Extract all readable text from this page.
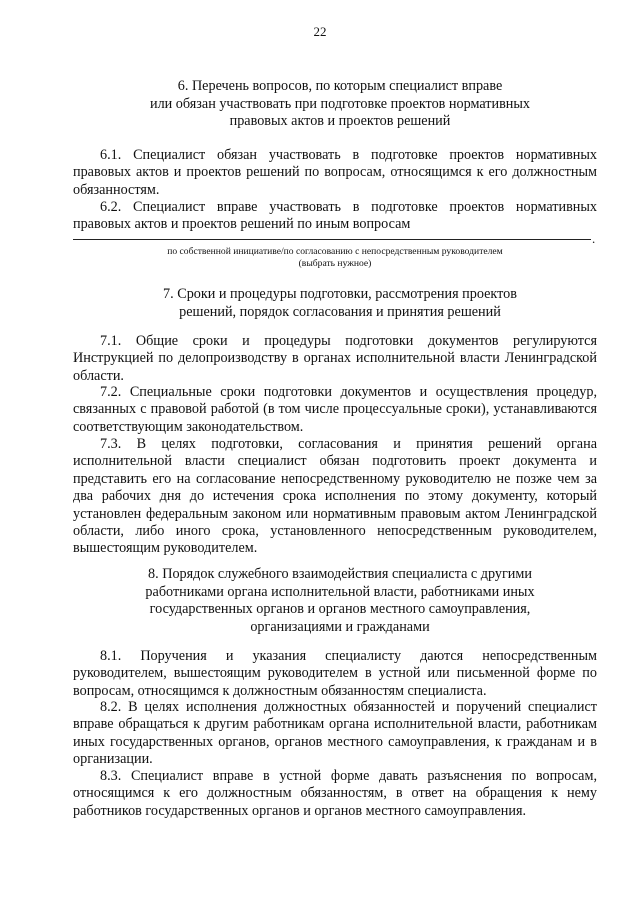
22
6. Перечень вопросов, по которым специалист вправе
или обязан участвовать при подготовке проектов нормативных
правовых актов и проектов решений

6.1. Специалист обязан участвовать в подготовке проектов нормативных правовых актов и проектов решений по вопросам, относящимся к его должностным обязанностям.

6.2. Специалист вправе участвовать в подготовке проектов нормативных правовых актов и проектов решений по иным вопросам

.
по собственной инициативе/по согласованию с непосредственным руководителем
(выбрать нужное)
7. Сроки и процедуры подготовки, рассмотрения проектов
решений, порядок согласования и принятия решений

7.1. Общие сроки и процедуры подготовки документов регулируются Инструкцией по делопроизводству в органах исполнительной власти Ленинградской области.

7.2. Специальные сроки подготовки документов и осуществления процедур, связанных с правовой работой (в том числе процессуальные сроки), устанавливаются соответствующим законодательством.

7.3. В целях подготовки, согласования и принятия решений органа исполнительной власти специалист обязан подготовить проект документа и представить его на согласование непосредственному руководителю не позже чем за два рабочих дня до истечения срока исполнения по этому документу, который установлен федеральным законом или нормативным правовым актом Ленинградской области, либо иного срока, установленного непосредственным руководителем, вышестоящим руководителем.

8. Порядок служебного взаимодействия специалиста с другими
работниками органа исполнительной власти, работниками иных
государственных органов и органов местного самоуправления,
организациями и гражданами

8.1. Поручения и указания специалисту даются непосредственным руководителем, вышестоящим руководителем в устной или письменной форме по вопросам, относящимся к должностным обязанностям специалиста.

8.2. В целях исполнения должностных обязанностей и поручений специалист вправе обращаться к другим работникам органа исполнительной власти, работникам иных государственных органов, органов местного самоуправления, к гражданам и в организации.

8.3. Специалист вправе в устной форме давать разъяснения по вопросам, относящимся к его должностным обязанностям, в ответ на обращения к нему работников государственных органов и органов местного самоуправления.
